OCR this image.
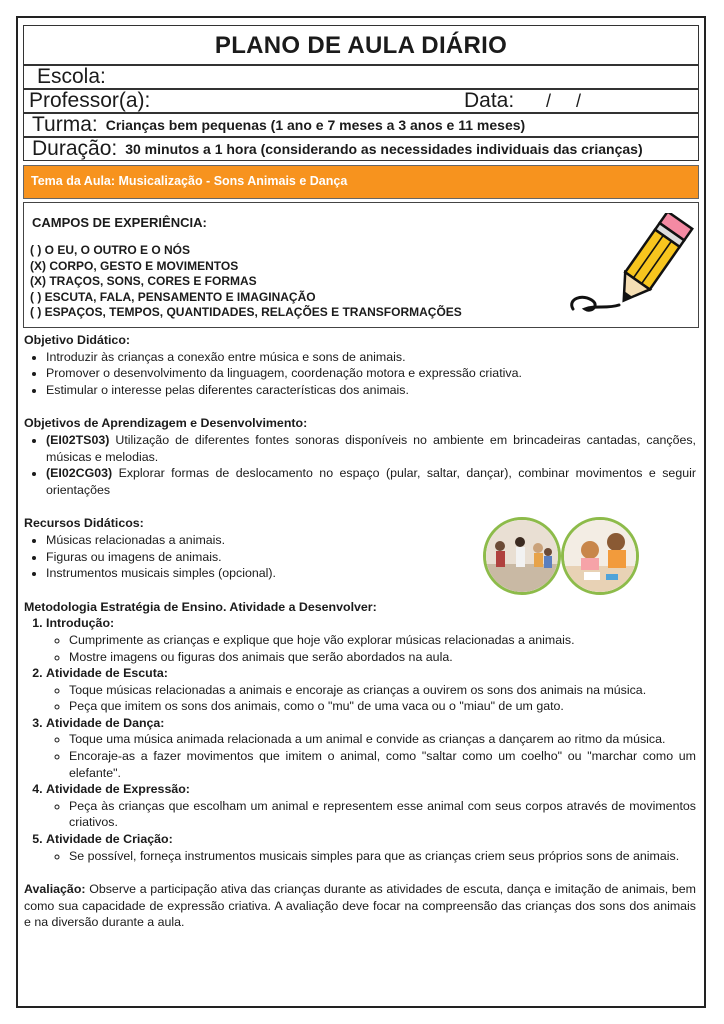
PLANO DE AULA DIÁRIO
Escola:
Professor(a):	Data: /     /
Turma: Crianças bem pequenas (1 ano e 7 meses a 3 anos e 11 meses)
Duração: 30 minutos a 1 hora (considerando as necessidades individuais das crianças)
Tema da Aula: Musicalização - Sons Animais e Dança
CAMPOS DE EXPERIÊNCIA:
( ) O EU, O OUTRO E O NÓS
(X) CORPO, GESTO E MOVIMENTOS
(X) TRAÇOS, SONS, CORES E FORMAS
( ) ESCUTA, FALA, PENSAMENTO E IMAGINAÇÃO
( ) ESPAÇOS, TEMPOS, QUANTIDADES, RELAÇÕES E TRANSFORMAÇÕES

Objetivo Didático:

• Introduzir às crianças a conexão entre música e sons de animais.
• Promover o desenvolvimento da linguagem, coordenação motora e expressão criativa.
• Estimular o interesse pelas diferentes características dos animais.

Objetivos de Aprendizagem e Desenvolvimento:

• (EI02TS03) Utilização de diferentes fontes sonoras disponíveis no ambiente em brincadeiras cantadas, canções, músicas e melodias.
• (EI02CG03) Explorar formas de deslocamento no espaço (pular, saltar, dançar), combinar movimentos e seguir orientações

Recursos Didáticos:

• Músicas relacionadas a animais.
• Figuras ou imagens de animais.
• Instrumentos musicais simples (opcional).

Metodologia Estratégia de Ensino. Atividade a Desenvolver:

1. Introdução:
◦ Cumprimente as crianças e explique que hoje vão explorar músicas relacionadas a animais.
◦ Mostre imagens ou figuras dos animais que serão abordados na aula.
2. Atividade de Escuta:
◦ Toque músicas relacionadas a animais e encoraje as crianças a ouvirem os sons dos animais na música.
◦ Peça que imitem os sons dos animais, como o "mu" de uma vaca ou o "miau" de um gato.
3. Atividade de Dança:
◦ Toque uma música animada relacionada a um animal e convide as crianças a dançarem ao ritmo da música.
◦ Encoraje-as a fazer movimentos que imitem o animal, como "saltar como um coelho" ou "marchar como um elefante".
4. Atividade de Expressão:
◦ Peça às crianças que escolham um animal e representem esse animal com seus corpos através de movimentos criativos.
5. Atividade de Criação:
◦ Se possível, forneça instrumentos musicais simples para que as crianças criem seus próprios sons de animais.

Avaliação: Observe a participação ativa das crianças durante as atividades de escuta, dança e imitação de animais, bem como sua capacidade de expressão criativa. A avaliação deve focar na compreensão das crianças dos sons dos animais e na diversão durante a aula.
